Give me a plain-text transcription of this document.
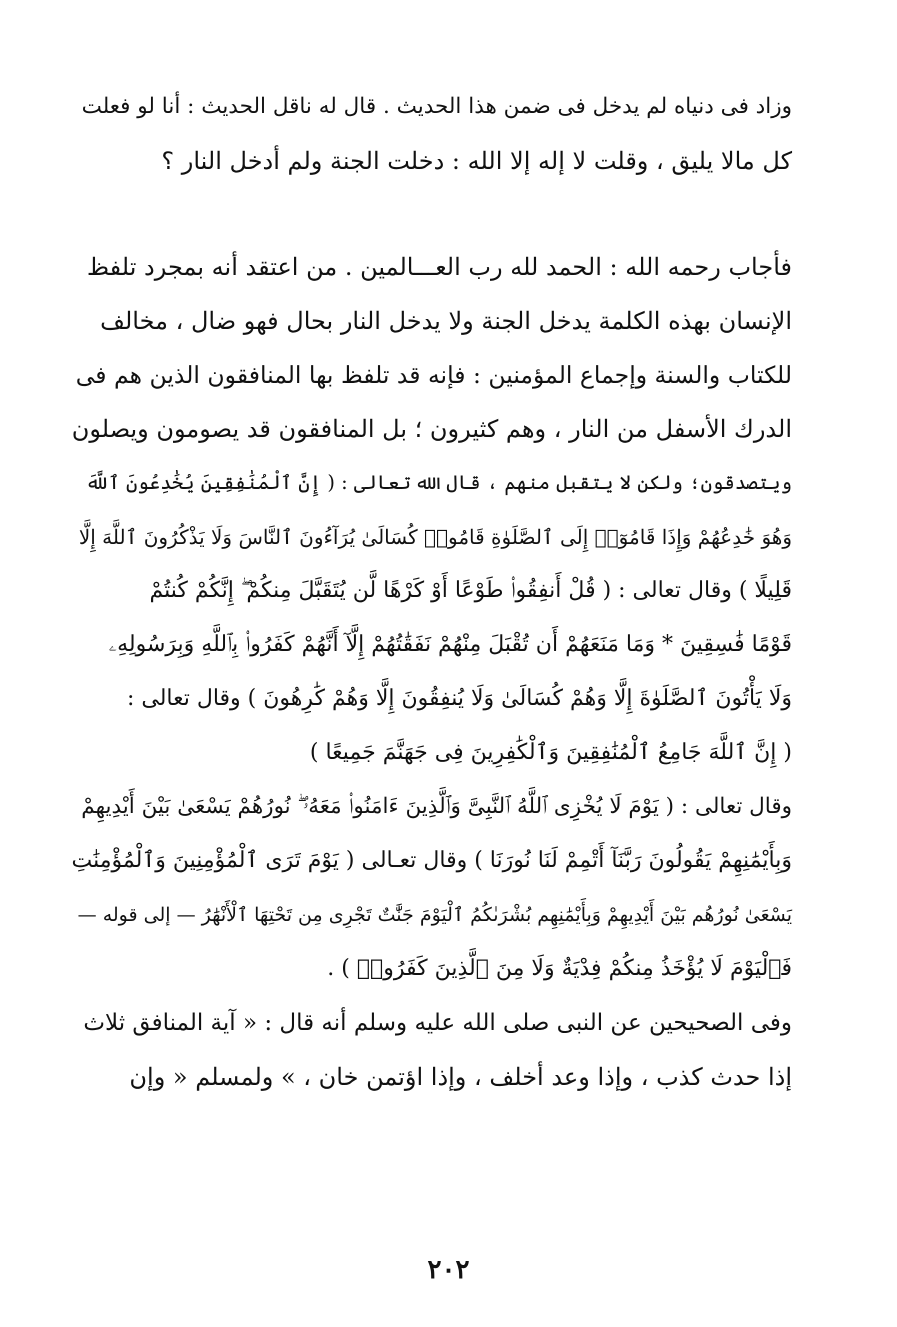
وزاد فى دنياه لم يدخل فى ضمن هذا الحديث . قال له ناقل الحديث : أنا لو فعلت
كل مالا يليق ، وقلت لا إله إلا الله : دخلت الجنة ولم أدخل النار ؟
فأجاب رحمه الله : الحمد لله رب العـــالمين . من اعتقد أنه بمجرد تلفظ
الإنسان بهذه الكلمة يدخل الجنة ولا يدخل النار بحال فهو ضال ، مخالف
للكتاب والسنة وإجماع المؤمنين : فإنه قد تلفظ بها المنافقون الذين هم فى
الدرك الأسفل من النار ، وهم كثيرون ؛ بل المنافقون قد يصومون ويصلون
ويتصدقون؛ ولكن لا يتقبل منهم ، قال الله تعالى : ( إِنَّ ٱلْمُنَٰفِقِينَ يُخَٰدِعُونَ ٱللَّهَ
وَهُوَ خَٰدِعُهُمْ وَإِذَا قَامُوٓا۟ إِلَى ٱلصَّلَوٰةِ قَامُوا۟ كُسَالَىٰ يُرَآءُونَ ٱلنَّاسَ وَلَا يَذْكُرُونَ ٱللَّهَ إِلَّا
قَلِيلًا ) وقال تعالى : ( قُلْ أَنفِقُوا۟ طَوْعًا أَوْ كَرْهًا لَّن يُتَقَبَّلَ مِنكُمْ ۖ إِنَّكُمْ كُنتُمْ
قَوْمًا فَٰسِقِينَ * وَمَا مَنَعَهُمْ أَن تُقْبَلَ مِنْهُمْ نَفَقَٰتُهُمْ إِلَّآ أَنَّهُمْ كَفَرُوا۟ بِٱللَّهِ وَبِرَسُولِهِۦ
وَلَا يَأْتُونَ ٱلصَّلَوٰةَ إِلَّا وَهُمْ كُسَالَىٰ وَلَا يُنفِقُونَ إِلَّا وَهُمْ كَٰرِهُونَ ) وقال تعالى :
( إِنَّ ٱللَّهَ جَامِعُ ٱلْمُنَٰفِقِينَ وَٱلْكَٰفِرِينَ فِى جَهَنَّمَ جَمِيعًا )
وقال تعالى : ( يَوْمَ لَا يُخْزِى ٱللَّهُ ٱلنَّبِىَّ وَٱلَّذِينَ ءَامَنُوا۟ مَعَهُۥ ۖ نُورُهُمْ يَسْعَىٰ بَيْنَ أَيْدِيهِمْ
وَبِأَيْمَٰنِهِمْ يَقُولُونَ رَبَّنَآ أَتْمِمْ لَنَا نُورَنَا ) وقال تعـالى ( يَوْمَ تَرَى ٱلْمُؤْمِنِينَ وَٱلْمُؤْمِنَٰتِ
يَسْعَىٰ نُورُهُم بَيْنَ أَيْدِيهِمْ وَبِأَيْمَٰنِهِم بُشْرَىٰكُمُ ٱلْيَوْمَ جَنَّٰتٌ تَجْرِى مِن تَحْتِهَا ٱلْأَنْهَٰرُ — إلى قوله —
فَٱلْيَوْمَ لَا يُؤْخَذُ مِنكُمْ فِدْيَةٌ وَلَا مِنَ ٱلَّذِينَ كَفَرُوا۟ ) .
وفى الصحيحين عن النبى صلى الله عليه وسلم أنه قال : « آية المنافق ثلاث
إذا حدث كذب ، وإذا وعد أخلف ، وإذا اؤتمن خان ، » ولمسلم « وإن
٢٠٢
